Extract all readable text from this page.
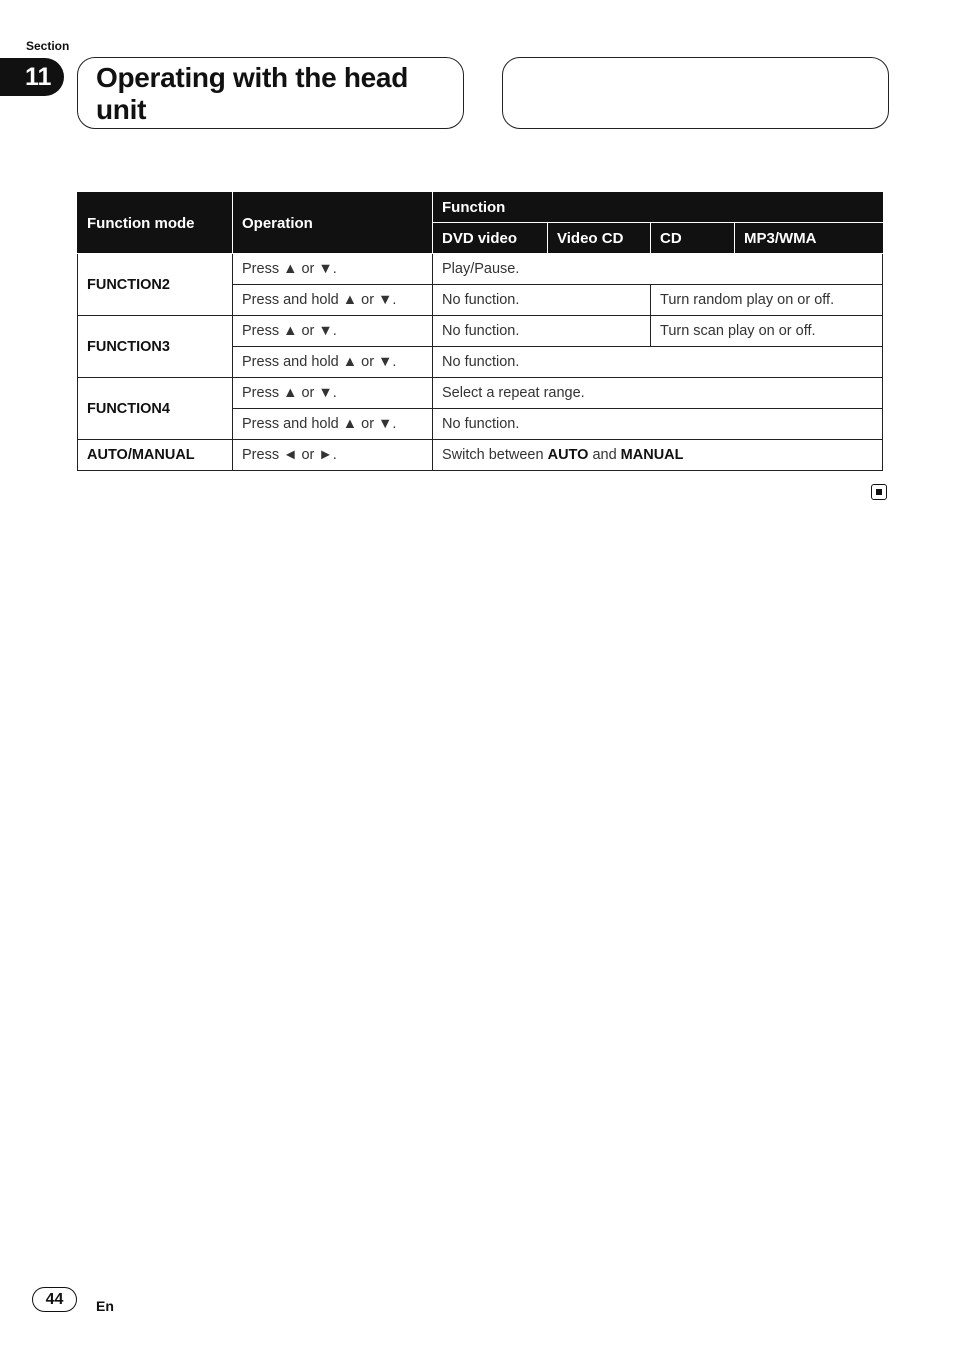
Section
11	Operating with the head unit
Function mode	Operation	Function			
		DVD video	Video CD	CD	MP3/WMA
FUNCTION2	Press ▲ or ▼.	Play/Pause.			
	Press and hold ▲ or ▼.	No function.		Turn random play on or off.	
FUNCTION3	Press ▲ or ▼.	No function.		Turn scan play on or off.	
	Press and hold ▲ or ▼.	No function.			
FUNCTION4	Press ▲ or ▼.	Select a repeat range.			
	Press and hold ▲ or ▼.	No function.			
AUTO/MANUAL	Press ◄ or ►.	Switch between AUTO and MANUAL			
44	En
